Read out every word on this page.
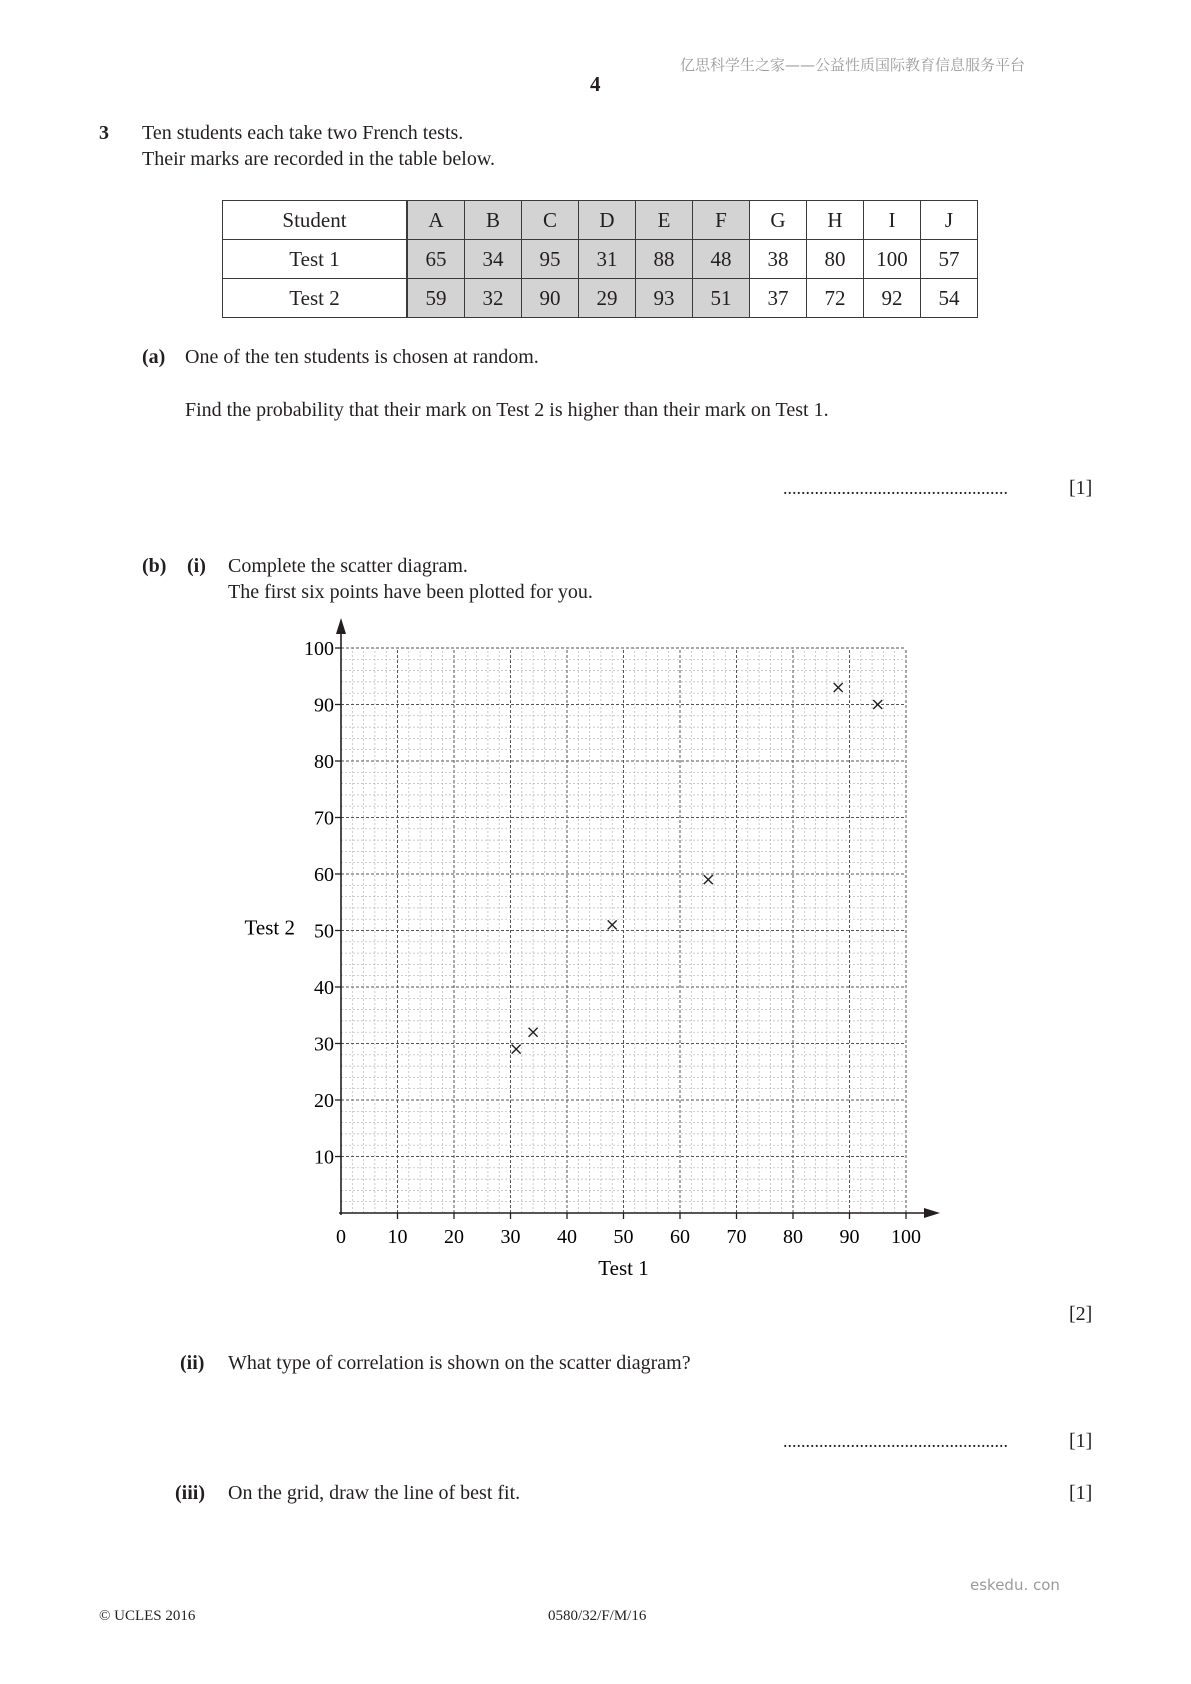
亿思科学生之家——公益性质国际教育信息服务平台
4
3 Ten students each take two French tests.
Their marks are recorded in the table below.
Student	A	B	C	D	E	F	G	H	I	J
Test 1	65	34	95	31	88	48	38	80	100	57
Test 2	59	32	90	29	93	51	37	72	92	54
(a) One of the ten students is chosen at random.
Find the probability that their mark on Test 2 is higher than their mark on Test 1.
..................................................	[1]
(b) (i) Complete the scatter diagram.
The first six points have been plotted for you.
0 10 20 30 40 50 60 70 80 90 100
10
20
30
40
50
60
70
80
90
100
Test 1
Test 2
[2]
(ii) What type of correlation is shown on the scatter diagram?
..................................................	[1]
(iii) On the grid, draw the line of best fit.	[1]
eskedu. con
© UCLES 2016	0580/32/F/M/16
